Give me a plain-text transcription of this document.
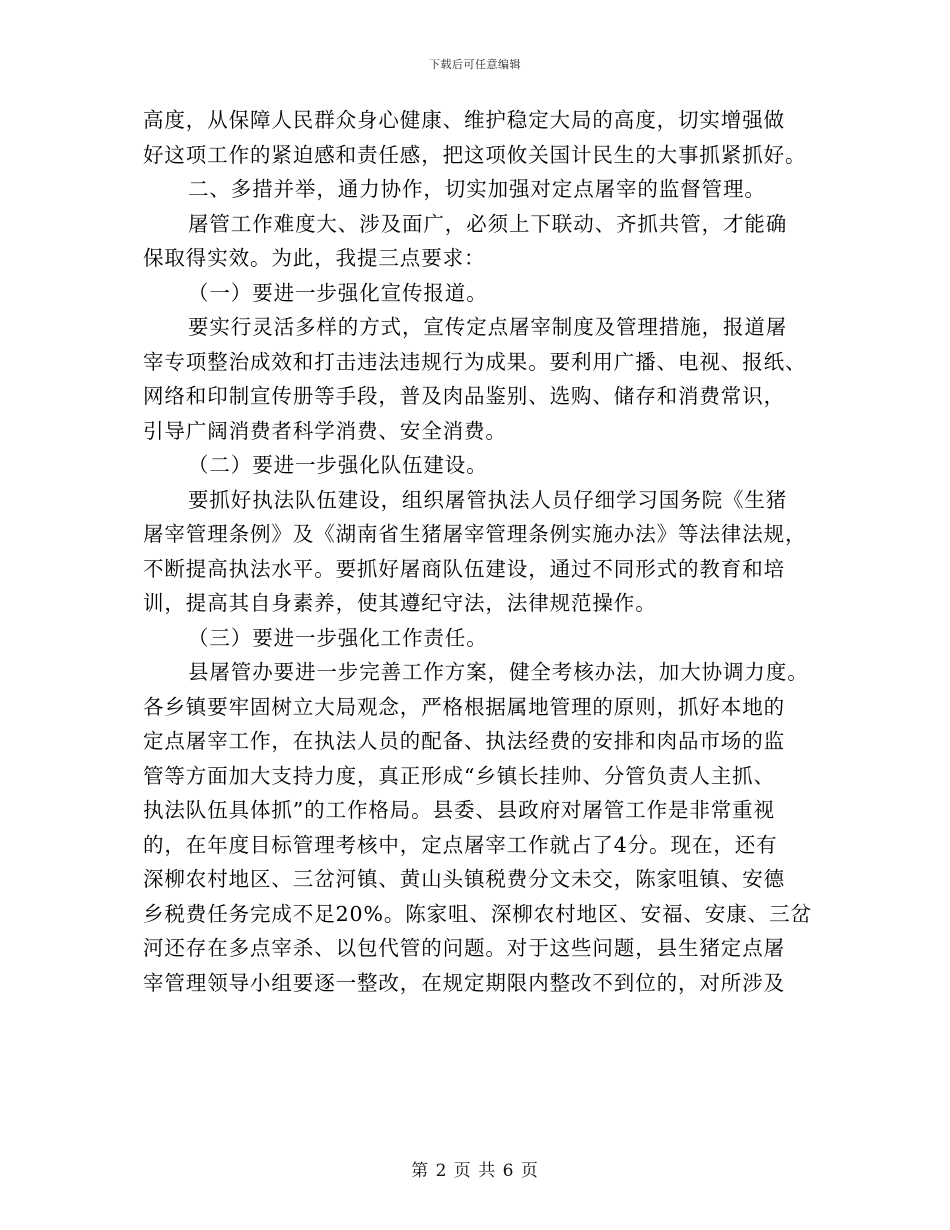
下载后可任意编辑
高度，从保障人民群众身心健康、维护稳定大局的高度，切实增强做
好这项工作的紧迫感和责任感，把这项攸关国计民生的大事抓紧抓好。
二、多措并举，通力协作，切实加强对定点屠宰的监督管理。
屠管工作难度大、涉及面广，必须上下联动、齐抓共管，才能确
保取得实效。为此，我提三点要求：
（一）要进一步强化宣传报道。
要实行灵活多样的方式，宣传定点屠宰制度及管理措施，报道屠
宰专项整治成效和打击违法违规行为成果。要利用广播、电视、报纸、
网络和印制宣传册等手段，普及肉品鉴别、选购、储存和消费常识，
引导广阔消费者科学消费、安全消费。
（二）要进一步强化队伍建设。
要抓好执法队伍建设，组织屠管执法人员仔细学习国务院《生猪
屠宰管理条例》及《湖南省生猪屠宰管理条例实施办法》等法律法规，
不断提高执法水平。要抓好屠商队伍建设，通过不同形式的教育和培
训，提高其自身素养，使其遵纪守法，法律规范操作。
（三）要进一步强化工作责任。
县屠管办要进一步完善工作方案，健全考核办法，加大协调力度。
各乡镇要牢固树立大局观念，严格根据属地管理的原则，抓好本地的
定点屠宰工作，在执法人员的配备、执法经费的安排和肉品市场的监
管等方面加大支持力度，真正形成“乡镇长挂帅、分管负责人主抓、
执法队伍具体抓”的工作格局。县委、县政府对屠管工作是非常重视
的，在年度目标管理考核中，定点屠宰工作就占了4分。现在，还有
深柳农村地区、三岔河镇、黄山头镇税费分文未交，陈家咀镇、安德
乡税费任务完成不足20%。陈家咀、深柳农村地区、安福、安康、三岔
河还存在多点宰杀、以包代管的问题。对于这些问题，县生猪定点屠
宰管理领导小组要逐一整改，在规定期限内整改不到位的，对所涉及
第 2 页 共 6 页
